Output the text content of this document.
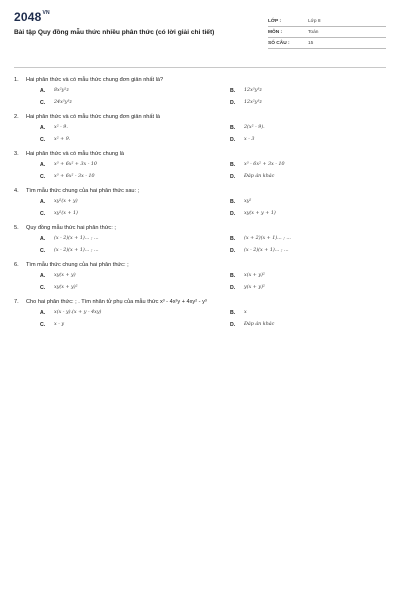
$2048^{VN}$
Bài tập Quy đồng mẫu thức nhiều phân thức (có lời giải chi tiết)
LỚP :	Lớp 8
MÔN :	Toán
SỐ CÂU :	15
1.	Hai phân thức và có mẫu thức chung đơn giản nhất là?
A.	8x²y²z	B.	12x³y³z
C.	24x³y³z	D.	12x²y³z
2.	Hai phân thức và có mẫu thức chung đơn giản nhất là
A.	x² - 9.	B.	2(x² - 9).
C.	x² + 9.	D.	x - 3
3.	Hai phân thức và có mẫu thức chung là
A.	x³ + 6x² + 3x - 10	B.	x³ - 6x² + 3x - 10
C.	x³ + 6x² - 3x - 10	D.	Đáp án khác
4.	Tìm mẫu thức chung của hai phân thức sau: ;
A.	xy²(x + y)	B.	xy²
C.	xy²(x + 1)	D.	xy(x + y + 1)
5.	Quy đồng mẫu thức hai phân thức: ;
A.	(x - 2)(x + 1)... ; ...	B.	(x + 2)(x + 1)... ; ...
C.	(x - 2)(x + 1)... ; ...	D.	(x - 2)(x + 1)... ; ...
6.	Tìm mẫu thức chung của hai phân thức: ;
A.	xy(x + y)	B.	x(x + y)²
C.	xy(x + y)²	D.	y(x + y)²
7.	Cho hai phân thức: ; . Tìm nhân tử phụ của mẫu thức x³ - 4x²y + 4xy² - y³
A.	x(x - y).(x + y - 4xy)	B.	x
C.	x - y	D.	Đáp án khác
